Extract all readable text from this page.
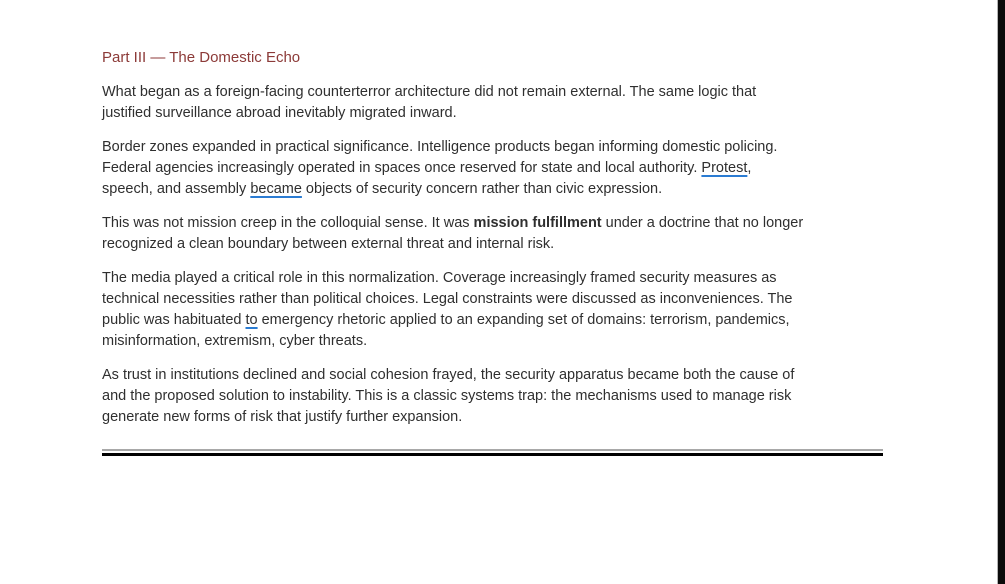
Part III — The Domestic Echo
What began as a foreign-facing counterterror architecture did not remain external. The same logic that
justified surveillance abroad inevitably migrated inward.
Border zones expanded in practical significance. Intelligence products began informing domestic policing.
Federal agencies increasingly operated in spaces once reserved for state and local authority. Protest,
speech, and assembly became objects of security concern rather than civic expression.
This was not mission creep in the colloquial sense. It was mission fulfillment under a doctrine that no longer
recognized a clean boundary between external threat and internal risk.
The media played a critical role in this normalization. Coverage increasingly framed security measures as
technical necessities rather than political choices. Legal constraints were discussed as inconveniences. The
public was habituated to emergency rhetoric applied to an expanding set of domains: terrorism, pandemics,
misinformation, extremism, cyber threats.
As trust in institutions declined and social cohesion frayed, the security apparatus became both the cause of
and the proposed solution to instability. This is a classic systems trap: the mechanisms used to manage risk
generate new forms of risk that justify further expansion.
